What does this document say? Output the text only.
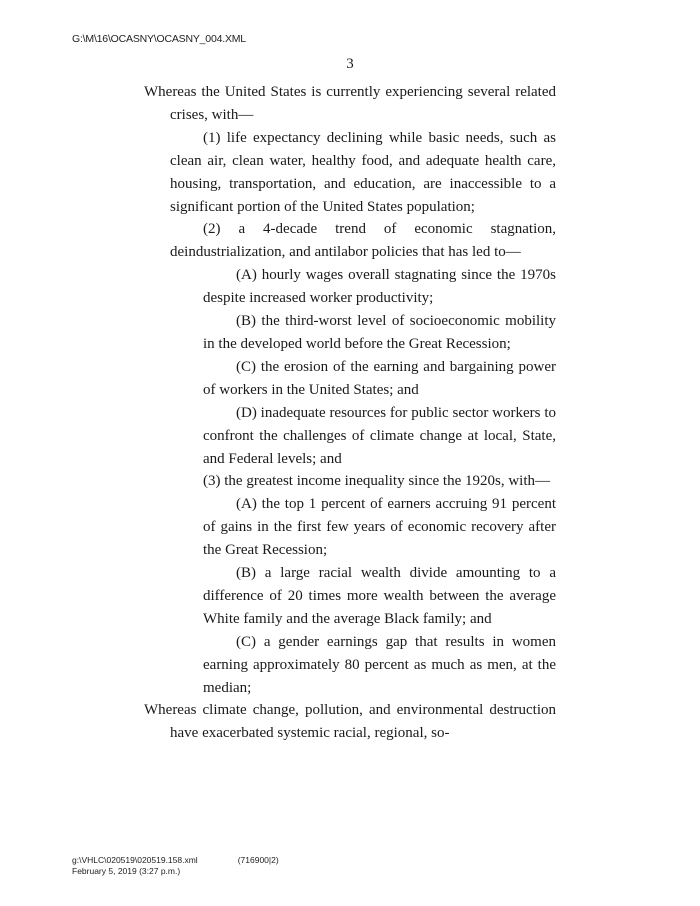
G:\M\16\OCASNY\OCASNY_004.XML
3
Whereas the United States is currently experiencing several related crises, with—
(1) life expectancy declining while basic needs, such as clean air, clean water, healthy food, and adequate health care, housing, transportation, and education, are inaccessible to a significant portion of the United States population;
(2) a 4-decade trend of economic stagnation, deindustrialization, and antilabor policies that has led to—
(A) hourly wages overall stagnating since the 1970s despite increased worker productivity;
(B) the third-worst level of socioeconomic mobility in the developed world before the Great Recession;
(C) the erosion of the earning and bargaining power of workers in the United States; and
(D) inadequate resources for public sector workers to confront the challenges of climate change at local, State, and Federal levels; and
(3) the greatest income inequality since the 1920s, with—
(A) the top 1 percent of earners accruing 91 percent of gains in the first few years of economic recovery after the Great Recession;
(B) a large racial wealth divide amounting to a difference of 20 times more wealth between the average White family and the average Black family; and
(C) a gender earnings gap that results in women earning approximately 80 percent as much as men, at the median;
Whereas climate change, pollution, and environmental destruction have exacerbated systemic racial, regional, so-
g:\VHLC\020519\020519.158.xml	(716900|2)
February 5, 2019 (3:27 p.m.)
